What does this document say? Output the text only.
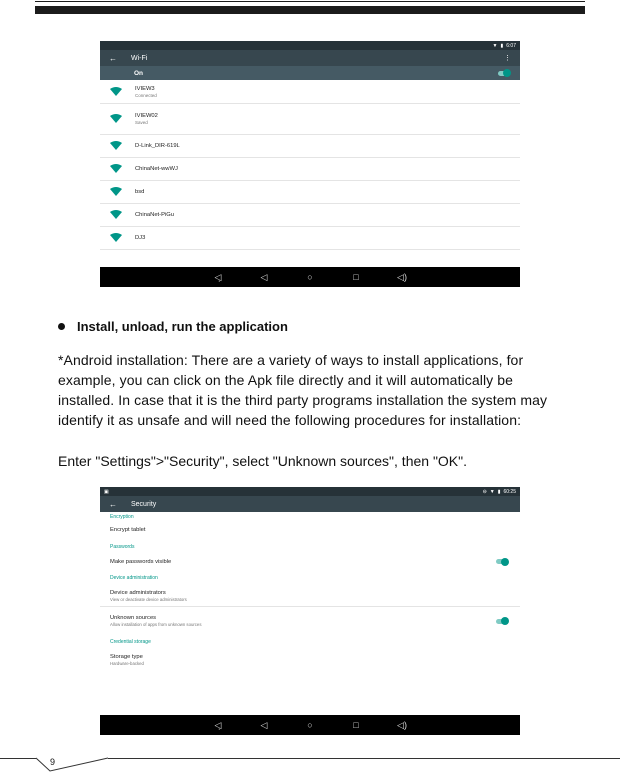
▼ ▮ 6:07
← Wi-Fi	⋮
On
IVIEW3
Connected
IVIEW02
Saved
D-Link_DIR-619L
ChinaNet-wwWJ
bsd
ChinaNet-PiGu
DJ3
◁̣	◁	○	□	◁)
Install, unload, run the application
*Android installation: There are a variety of ways to install applications, for example, you can click on the Apk file directly and it will automatically be installed. In case that it is the third party programs installation the system may identify it as unsafe and will need the following procedures for installation:
Enter "Settings">"Security", select "Unknown sources", then "OK".
▣	⊖ ▼ ▮ 60:25
← Security
Encryption
Encrypt tablet
Passwords
Make passwords visible
Device administration
Device administrators
View or deactivate device administrators
Unknown sources
Allow installation of apps from unknown sources
Credential storage
Storage type
Hardware-backed
◁̣	◁	○	□	◁)
9
